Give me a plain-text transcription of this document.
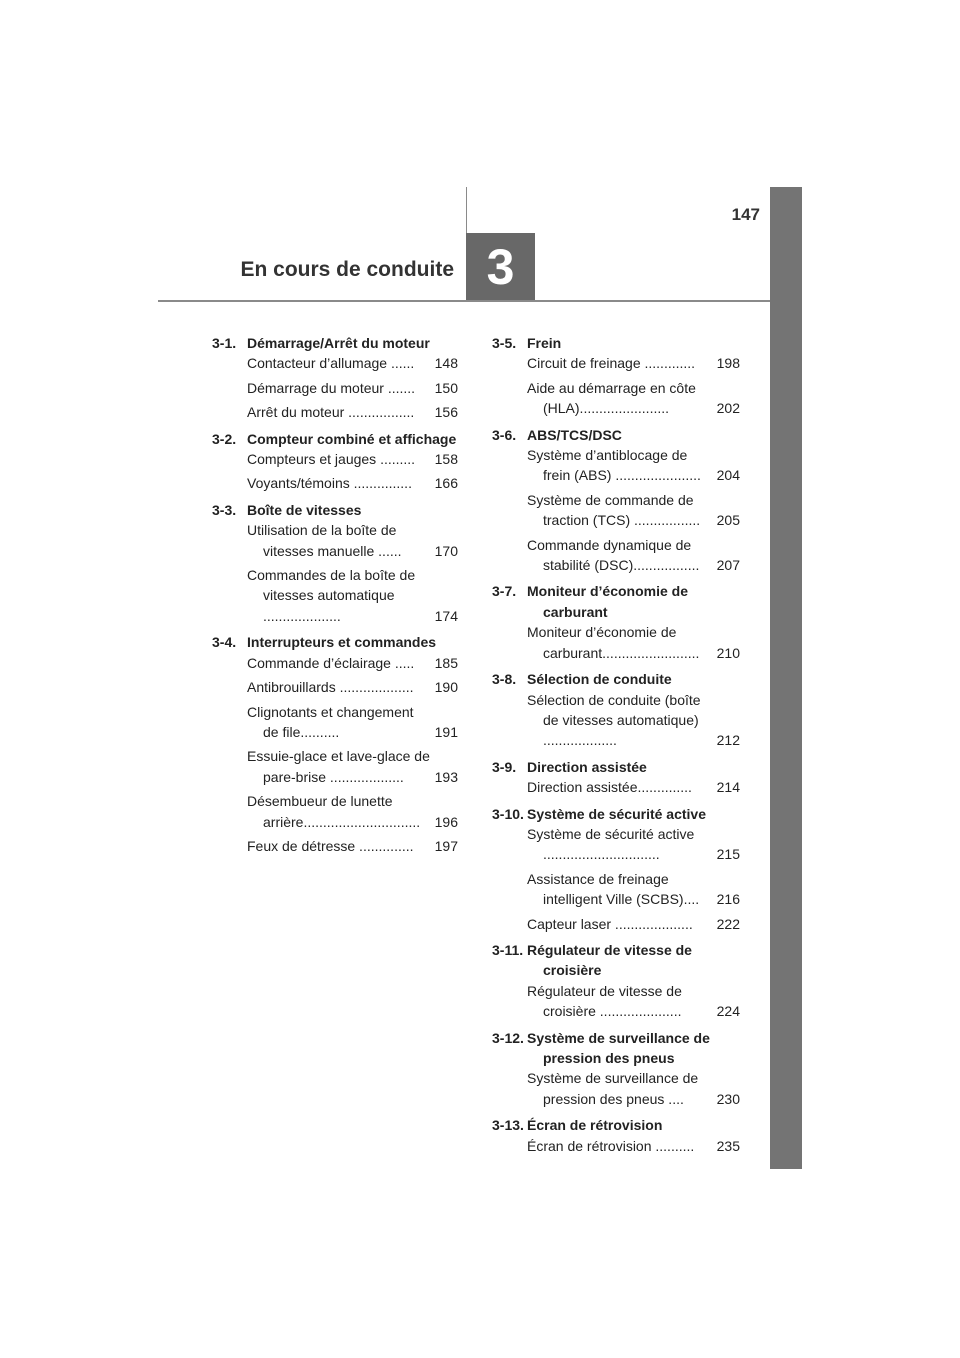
147
En cours de conduite 3
3-1. Démarrage/Arrêt du moteur
Contacteur d’allumage ...... 148
Démarrage du moteur ....... 150
Arrêt du moteur ................. 156
3-2. Compteur combiné et affichage
Compteurs et jauges ......... 158
Voyants/témoins ............... 166
3-3. Boîte de vitesses
Utilisation de la boîte de vitesses manuelle ...... 170
Commandes de la boîte de vitesses automatique ....................	174
3-4. Interrupteurs et commandes
Commande d’éclairage ..... 185
Antibrouillards ................... 190
Clignotants et changement de file..........	191
Essuie-glace et lave-glace de pare-brise ................... 193
Désembueur de lunette arrière.............................. 196
Feux de détresse .............. 197
3-5. Frein
Circuit de freinage ............. 198
Aide au démarrage en côte (HLA).......................	202
3-6. ABS/TCS/DSC
Système d’antiblocage de frein (ABS) ...................... 204
Système de commande de traction (TCS) ................. 205
Commande dynamique de stabilité (DSC)................. 207
3-7. Moniteur d’économie de carburant
Moniteur d’économie de carburant......................... 210
3-8. Sélection de conduite
Sélection de conduite (boîte de vitesses automatique) ...................	212
3-9. Direction assistée
Direction assistée.............. 214
3-10. Système de sécurité active
Système de sécurité active ..............................	215
Assistance de freinage intelligent Ville (SCBS).... 216
Capteur laser .................... 222
3-11. Régulateur de vitesse de croisière
Régulateur de vitesse de croisière .....................	224
3-12. Système de surveillance de pression des pneus
Système de surveillance de pression des pneus .... 230
3-13. Écran de rétrovision
Écran de rétrovision .......... 235
